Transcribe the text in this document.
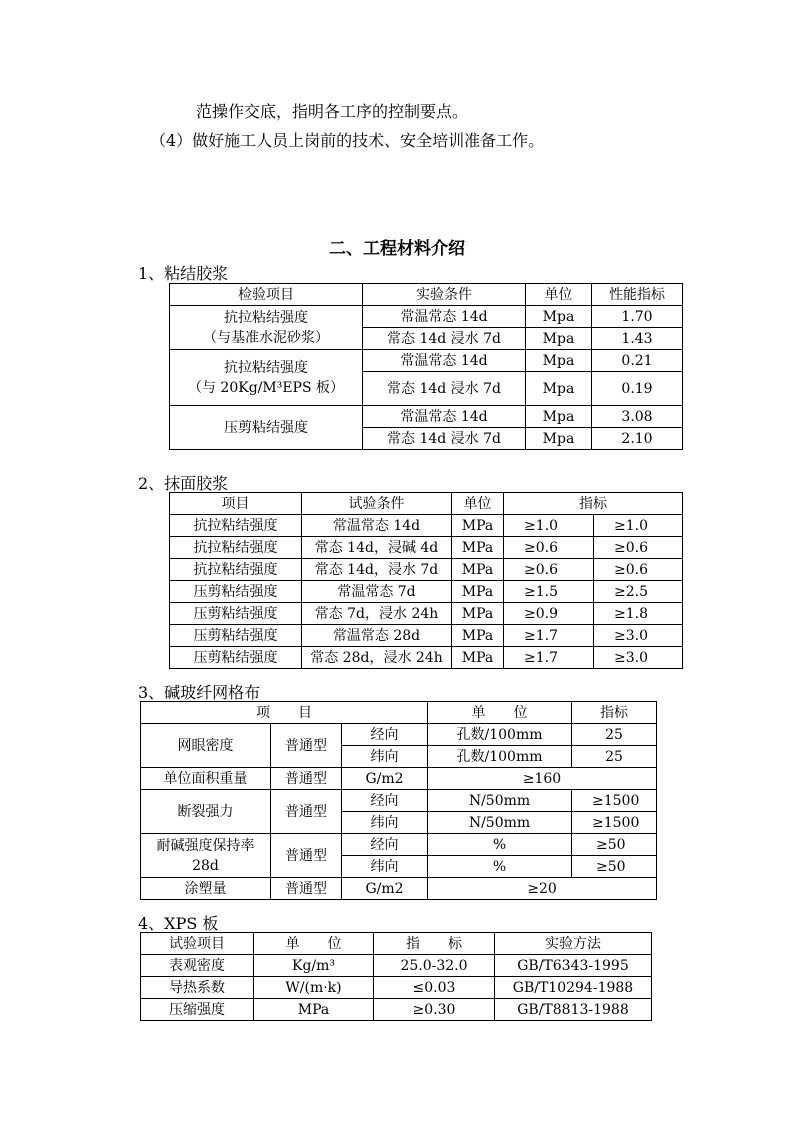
范操作交底，指明各工序的控制要点。
（4）做好施工人员上岗前的技术、安全培训准备工作。
二、工程材料介绍
1、粘结胶浆
检验项目	实验条件	单位	性能指标
抗拉粘结强度
（与基准水泥砂浆）	常温常态 14d	Mpa	1.70
	常态 14d 浸水 7d	Mpa	1.43
抗拉粘结强度
（与 20Kg/M³EPS 板）	常温常态 14d	Mpa	0.21
	常态 14d 浸水 7d	Mpa	0.19
压剪粘结强度	常温常态 14d	Mpa	3.08
	常态 14d 浸水 7d	Mpa	2.10
2、抹面胶浆
项目	试验条件	单位	指标	
抗拉粘结强度	常温常态 14d	MPa	≥1.0	≥1.0
抗拉粘结强度	常态 14d，浸碱 4d	MPa	≥0.6	≥0.6
抗拉粘结强度	常态 14d，浸水 7d	MPa	≥0.6	≥0.6
压剪粘结强度	常温常态 7d	MPa	≥1.5	≥2.5
压剪粘结强度	常态 7d，浸水 24h	MPa	≥0.9	≥1.8
压剪粘结强度	常温常态 28d	MPa	≥1.7	≥3.0
压剪粘结强度	常态 28d，浸水 24h	MPa	≥1.7	≥3.0
3、碱玻纤网格布
项　　目			单　　位	指标
网眼密度	普通型	经向	孔数/100mm	25
		纬向	孔数/100mm	25
单位面积重量	普通型	G/m2	≥160	
断裂强力	普通型	经向	N/50mm	≥1500
		纬向	N/50mm	≥1500
耐碱强度保持率
28d	普通型	经向	%	≥50
		纬向	%	≥50
涂塑量	普通型	G/m2	≥20	
4、XPS 板
试验项目	单　　位	指　　标	实验方法
表观密度	Kg/m³	25.0-32.0	GB/T6343-1995
导热系数	W/(m·k)	≤0.03	GB/T10294-1988
压缩强度	MPa	≥0.30	GB/T8813-1988
